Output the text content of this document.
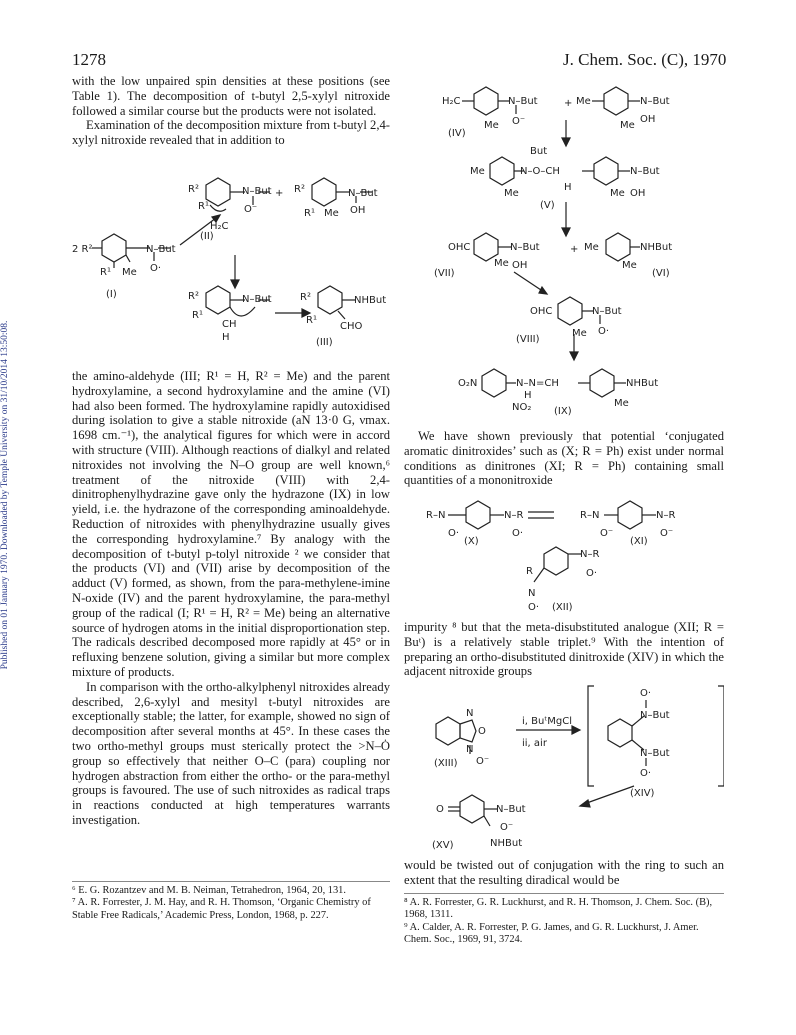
Published on 01 January 1970. Downloaded by Temple University on 31/10/2014 13:50:08.
1278	J. Chem. Soc. (C), 1970

with the low unpaired spin densities at these positions (see Table 1). The decomposition of t-butyl 2,5-xylyl nitroxide followed a similar course but the products were not isolated.

Examination of the decomposition mixture from t-butyl 2,4-xylyl nitroxide revealed that in addition to

2 R²	N–But
O·
R¹ Me
(I)
R²
R¹
H₂C
N–But
O⁻
+ R²	N–But
R¹ Me OH
(II)
R²
R¹
N–But
CH
H
R²	NHBut
R¹
CHO
(III)

the amino-aldehyde (III; R¹ = H, R² = Me) and the parent hydroxylamine, a second hydroxylamine and the amine (VI) had also been formed. The hydroxylamine rapidly autoxidised during isolation to give a stable nitroxide (aN 13·0 G, νmax. 1698 cm.⁻¹), the analytical figures for which were in accord with structure (VIII). Although reactions of dialkyl and related nitroxides not involving the N–O group are well known,⁶ treatment of the nitroxide (VIII) with 2,4-dinitrophenylhydrazine gave only the hydrazone (IX) in low yield, i.e. the hydrazone of the corresponding aminoaldehyde. Reduction of nitroxides with phenylhydrazine usually gives the corresponding hydroxylamine.⁷ By analogy with the decomposition of t-butyl p-tolyl nitroxide ² we consider that the products (VI) and (VII) arise by decomposition of the adduct (V) formed, as shown, from the para-methylene-imine N-oxide (IV) and the parent hydroxylamine, the para-methyl group of the radical (I; R¹ = H, R² = Me) being an alternative source of hydrogen atoms in the initial disproportionation step. The radicals described decomposed more rapidly at 45° or in refluxing benzene solution, giving a similar but more complex mixture of products.

In comparison with the ortho-alkylphenyl nitroxides already described, 2,6-xylyl and mesityl t-butyl nitroxides are exceptionally stable; the latter, for example, showed no sign of decomposition after several months at 45°. In these cases the two ortho-methyl groups must sterically protect the >N–Ȯ group so effectively that neither O–C (para) coupling nor hydrogen abstraction from either the ortho- or the para-methyl groups is favoured. The use of such nitroxides as radical traps in reactions conducted at high temperatures warrants investigation.

⁶ E. G. Rozantzev and M. B. Neiman, Tetrahedron, 1964, 20, 131.

⁷ A. R. Forrester, J. M. Hay, and R. H. Thomson, ‘Organic Chemistry of Stable Free Radicals,’ Academic Press, London, 1968, p. 227.

H₂C	N–But
O⁻
Me
+ Me	N–But
OH
Me
(IV)
But
Me	N–O–CH	N–But
Me
H
Me OH
(V)
OHC	N–But
Me OH
+ Me	NHBut
Me
(VII)	(VI)
OHC	N–But
O·
Me
(VIII)
O₂N	N–N=CH
H
NHBut
NO₂	Me
(IX)

We have shown previously that potential ‘conjugated aromatic dinitroxides’ such as (X; R = Ph) exist under normal conditions as dinitrones (XI; R = Ph) containing small quantities of a mononitroxide

R–N
O·
N–R
O·
R–N
O⁻
N–R
O⁻
(X)	(XI)
N–R
O·
R
N
O· (XII)

impurity ⁸ but that the meta-disubstituted analogue (XII; R = Buᵗ) is a relatively stable triplet.⁹ With the intention of preparing an ortho-disubstituted dinitroxide (XIV) in which the adjacent nitroxide groups

N
O
N
O⁻
(XIII)
i, BuᵗMgCl
ii, air
O·
N–But
N–But
O·
(XIV)
O	N–But
O⁻
NHBut
(XV)

would be twisted out of conjugation with the ring to such an extent that the resulting diradical would be

⁸ A. R. Forrester, G. R. Luckhurst, and R. H. Thomson, J. Chem. Soc. (B), 1968, 1311.

⁹ A. Calder, A. R. Forrester, P. G. James, and G. R. Luckhurst, J. Amer. Chem. Soc., 1969, 91, 3724.
